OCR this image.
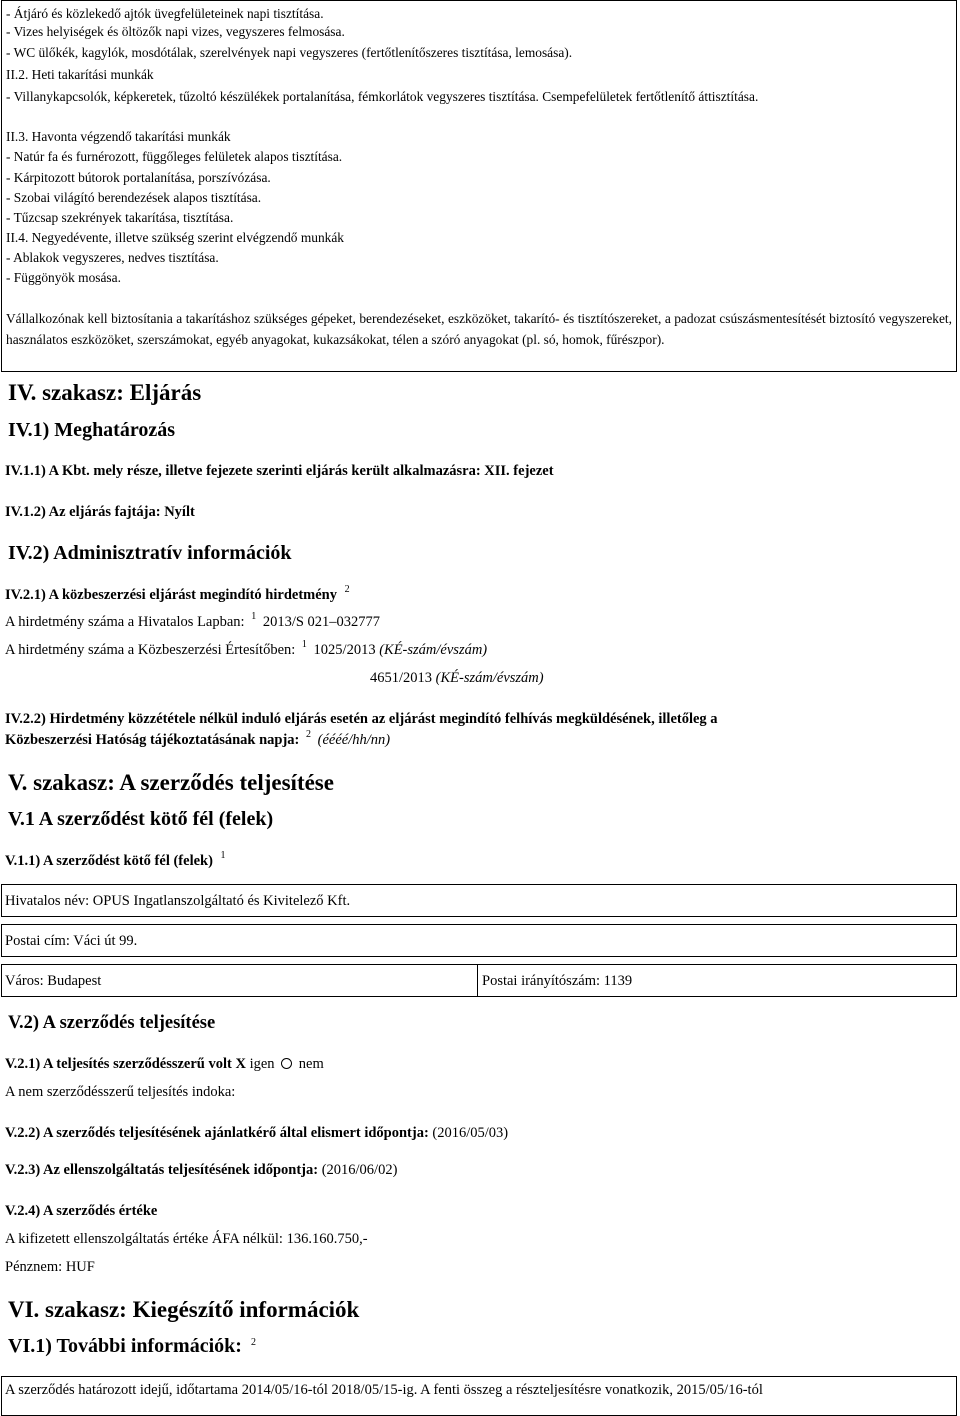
- Átjáró és közlekedő ajtók üvegfelületeinek napi tisztítása.
- Vizes helyiségek és öltözők napi vizes, vegyszeres felmosása.
- WC ülőkék, kagylók, mosdótálak, szerelvények napi vegyszeres (fertőtlenítőszeres tisztítása, lemosása).
II.2. Heti takarítási munkák

- Villanykapcsolók, képkeretek, tűzoltó készülékek portalanítása, fémkorlátok vegyszeres tisztítása. Csempefelületek fertőtlenítő áttisztítása.

II.3. Havonta végzendő takarítási munkák
- Natúr fa és furnérozott, függőleges felületek alapos tisztítása.
- Kárpitozott bútorok portalanítása, porszívózása.
- Szobai világító berendezések alapos tisztítása.
- Tűzcsap szekrények takarítása, tisztítása.
II.4. Negyedévente, illetve szükség szerint elvégzendő munkák
- Ablakok vegyszeres, nedves tisztítása.
- Függönyök mosása.

Vállalkozónak kell biztosítania a takarításhoz szükséges gépeket, berendezéseket, eszközöket, takarító- és tisztítószereket, a padozat csúszásmentesítését biztosító vegyszereket, használatos eszközöket, szerszámokat, egyéb anyagokat, kukazsákokat, télen a szóró anyagokat (pl. só, homok, fűrészpor).

IV. szakasz: Eljárás
IV.1) Meghatározás
IV.1.1) A Kbt. mely része, illetve fejezete szerinti eljárás került alkalmazásra: XII. fejezet
IV.1.2) Az eljárás fajtája: Nyílt
IV.2) Adminisztratív információk
IV.2.1) A közbeszerzési eljárást megindító hirdetmény $^2$
A hirdetmény száma a Hivatalos Lapban: $^1$ 2013/S 021–032777
A hirdetmény száma a Közbeszerzési Értesítőben: $^1$ 1025/2013 (KÉ-szám/évszám)
4651/2013 (KÉ-szám/évszám)
IV.2.2) Hirdetmény közzététele nélkül induló eljárás esetén az eljárást megindító felhívás megküldésének, illetőleg a
Közbeszerzési Hatóság tájékoztatásának napja: $^2$ (éééé/hh/nn)
V. szakasz: A szerződés teljesítése
V.1 A szerződést kötő fél (felek)
V.1.1) A szerződést kötő fél (felek) $^1$
Hivatalos név: OPUS Ingatlanszolgáltató és Kivitelező Kft.
Postai cím: Váci út 99.
Város: Budapest	Postai irányítószám: 1139
V.2) A szerződés teljesítése
V.2.1) A teljesítés szerződésszerű volt X igen nem
A nem szerződésszerű teljesítés indoka:
V.2.2) A szerződés teljesítésének ajánlatkérő által elismert időpontja: (2016/05/03)
V.2.3) Az ellenszolgáltatás teljesítésének időpontja: (2016/06/02)
V.2.4) A szerződés értéke
A kifizetett ellenszolgáltatás értéke ÁFA nélkül: 136.160.750,-
Pénznem: HUF
VI. szakasz: Kiegészítő információk
VI.1) További információk: $^2$
A szerződés határozott idejű, időtartama 2014/05/16-tól 2018/05/15-ig. A fenti összeg a részteljesítésre vonatkozik, 2015/05/16-tól
